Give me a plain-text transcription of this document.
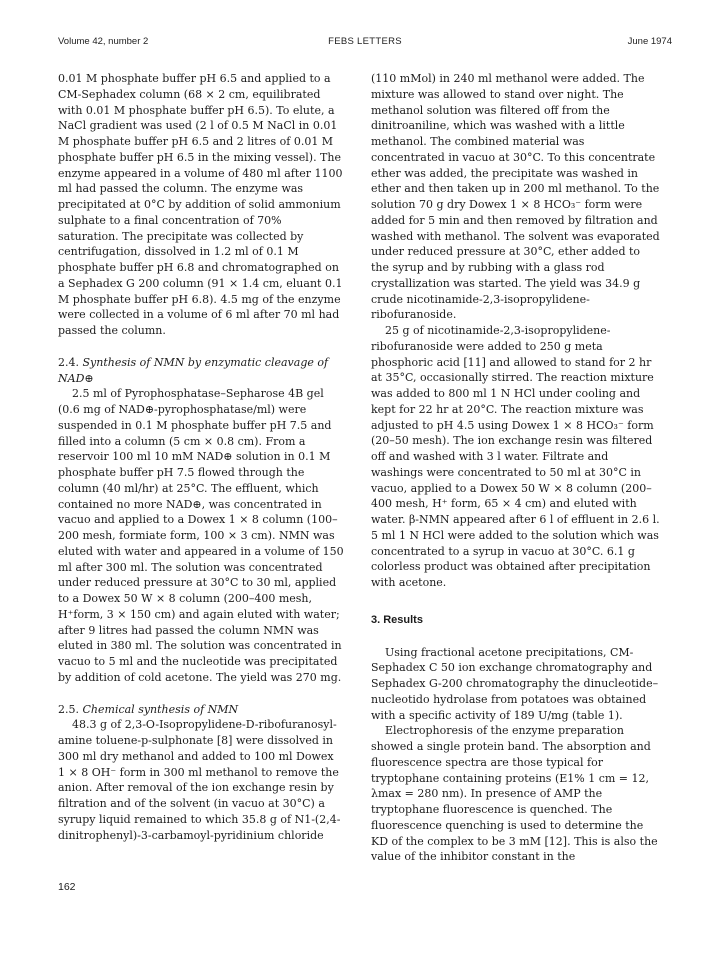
Volume 42, number 2	FEBS LETTERS	June 1974

0.01 M phosphate buffer pH 6.5 and applied to a CM-Sephadex column (68 × 2 cm, equilibrated with 0.01 M phosphate buffer pH 6.5). To elute, a NaCl gradient was used (2 l of 0.5 M NaCl in 0.01 M phosphate buffer pH 6.5 and 2 litres of 0.01 M phosphate buffer pH 6.5 in the mixing vessel). The enzyme appeared in a volume of 480 ml after 1100 ml had passed the column. The enzyme was precipitated at 0°C by addition of solid ammonium sulphate to a final concentration of 70% saturation. The precipitate was collected by centrifugation, dissolved in 1.2 ml of 0.1 M phosphate buffer pH 6.8 and chromatographed on a Sephadex G 200 column (91 × 1.4 cm, eluant 0.1 M phosphate buffer pH 6.8). 4.5 mg of the enzyme were collected in a volume of 6 ml after 70 ml had passed the column.

2.4. Synthesis of NMN by enzymatic cleavage of NAD⊕

2.5 ml of Pyrophosphatase–Sepharose 4B gel (0.6 mg of NAD⊕-pyrophosphatase/ml) were suspended in 0.1 M phosphate buffer pH 7.5 and filled into a column (5 cm × 0.8 cm). From a reservoir 100 ml 10 mM NAD⊕ solution in 0.1 M phosphate buffer pH 7.5 flowed through the column (40 ml/hr) at 25°C. The effluent, which contained no more NAD⊕, was concentrated in vacuo and applied to a Dowex 1 × 8 column (100–200 mesh, formiate form, 100 × 3 cm). NMN was eluted with water and appeared in a volume of 150 ml after 300 ml. The solution was concentrated under reduced pressure at 30°C to 30 ml, applied to a Dowex 50 W × 8 column (200–400 mesh, H⁺form, 3 × 150 cm) and again eluted with water; after 9 litres had passed the column NMN was eluted in 380 ml. The solution was concentrated in vacuo to 5 ml and the nucleotide was precipitated by addition of cold acetone. The yield was 270 mg.

2.5. Chemical synthesis of NMN

48.3 g of 2,3-O-Isopropylidene-D-ribofuranosyl-amine toluene-p-sulphonate [8] were dissolved in 300 ml dry methanol and added to 100 ml Dowex 1 × 8 OH⁻ form in 300 ml methanol to remove the anion. After removal of the ion exchange resin by filtration and of the solvent (in vacuo at 30°C) a syrupy liquid remained to which 35.8 g of N1-(2,4-dinitrophenyl)-3-carbamoyl-pyridinium chloride

(110 mMol) in 240 ml methanol were added. The mixture was allowed to stand over night. The methanol solution was filtered off from the dinitroaniline, which was washed with a little methanol. The combined material was concentrated in vacuo at 30°C. To this concentrate ether was added, the precipitate was washed in ether and then taken up in 200 ml methanol. To the solution 70 g dry Dowex 1 × 8 HCO₃⁻ form were added for 5 min and then removed by filtration and washed with methanol. The solvent was evaporated under reduced pressure at 30°C, ether added to the syrup and by rubbing with a glass rod crystallization was started. The yield was 34.9 g crude nicotinamide-2,3-isopropylidene-ribofuranoside.

25 g of nicotinamide-2,3-isopropylidene-ribofuranoside were added to 250 g meta phosphoric acid [11] and allowed to stand for 2 hr at 35°C, occasionally stirred. The reaction mixture was added to 800 ml 1 N HCl under cooling and kept for 22 hr at 20°C. The reaction mixture was adjusted to pH 4.5 using Dowex 1 × 8 HCO₃⁻ form (20–50 mesh). The ion exchange resin was filtered off and washed with 3 l water. Filtrate and washings were concentrated to 50 ml at 30°C in vacuo, applied to a Dowex 50 W × 8 column (200–400 mesh, H⁺ form, 65 × 4 cm) and eluted with water. β-NMN appeared after 6 l of effluent in 2.6 l. 5 ml 1 N HCl were added to the solution which was concentrated to a syrup in vacuo at 30°C. 6.1 g colorless product was obtained after precipitation with acetone.

3. Results

Using fractional acetone precipitations, CM-Sephadex C 50 ion exchange chromatography and Sephadex G-200 chromatography the dinucleotide–nucleotido hydrolase from potatoes was obtained with a specific activity of 189 U/mg (table 1).

Electrophoresis of the enzyme preparation showed a single protein band. The absorption and fluorescence spectra are those typical for tryptophane containing proteins (E1% 1 cm = 12, λmax = 280 nm). In presence of AMP the tryptophane fluorescence is quenched. The fluorescence quenching is used to determine the KD of the complex to be 3 mM [12]. This is also the value of the inhibitor constant in the

162
